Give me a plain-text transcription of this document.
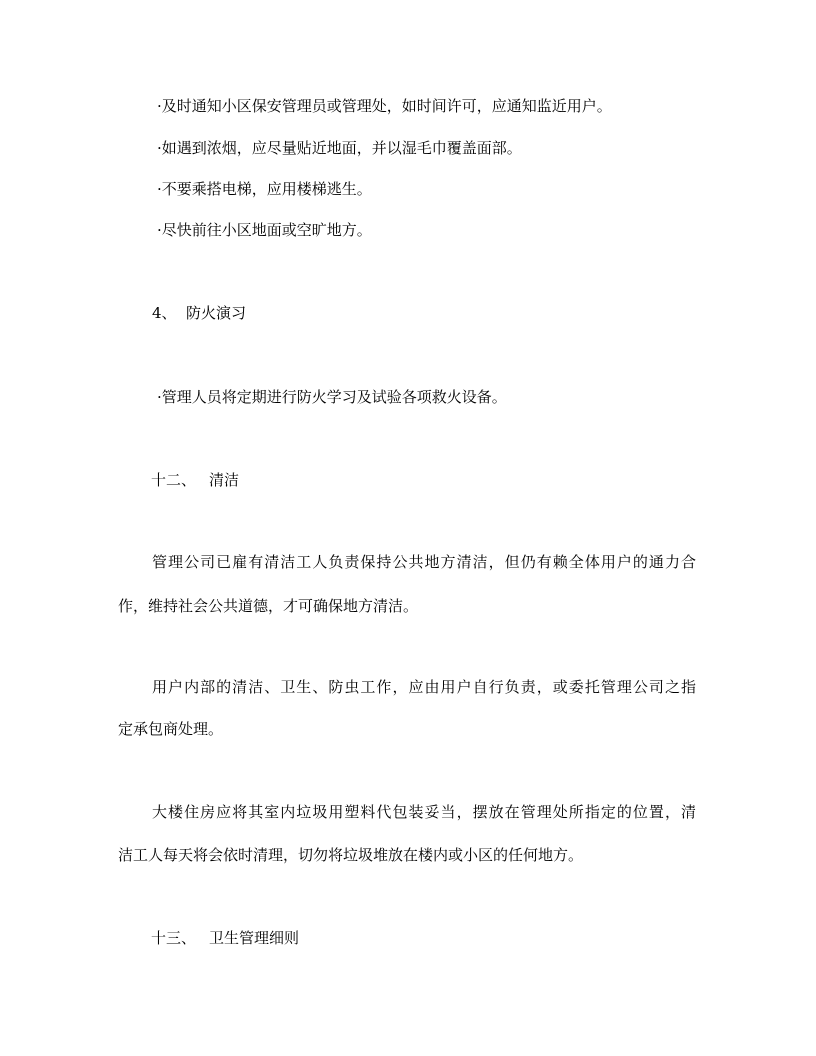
·及时通知小区保安管理员或管理处，如时间许可，应通知监近用户。
·如遇到浓烟，应尽量贴近地面，并以湿毛巾覆盖面部。
·不要乘搭电梯，应用楼梯逃生。
·尽快前往小区地面或空旷地方。
4、 防火演习
·管理人员将定期进行防火学习及试验各项救火设备。
十二、 清洁
管理公司已雇有清洁工人负责保持公共地方清洁，但仍有赖全体用户的通力合
作，维持社会公共道德，才可确保地方清洁。
用户内部的清洁、卫生、防虫工作，应由用户自行负责，或委托管理公司之指
定承包商处理。
大楼住房应将其室内垃圾用塑料代包装妥当，摆放在管理处所指定的位置，清
洁工人每天将会依时清理，切勿将垃圾堆放在楼内或小区的任何地方。
十三、 卫生管理细则
